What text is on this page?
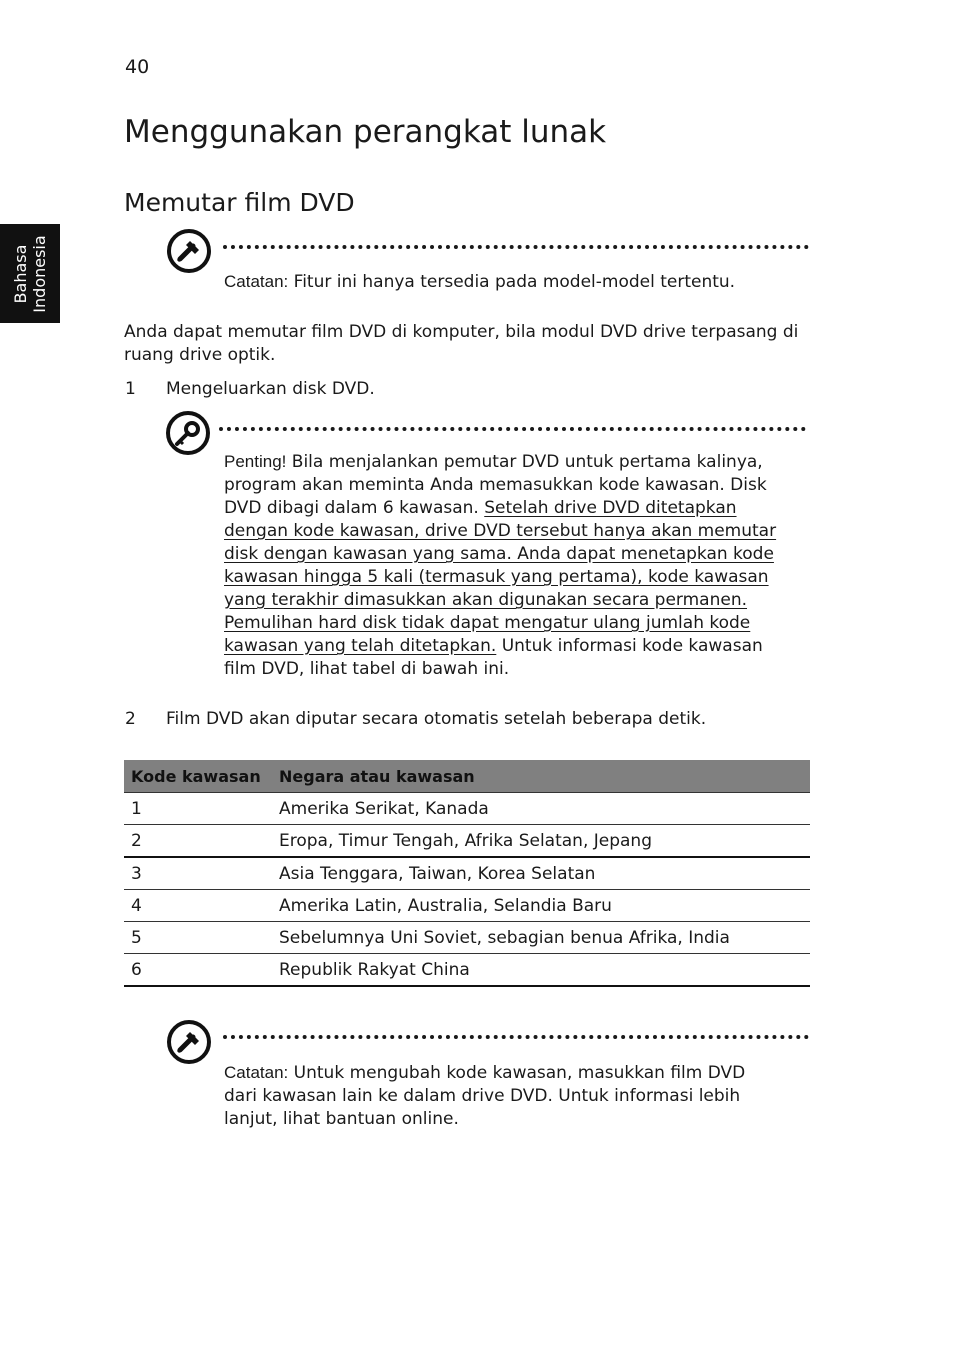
40
Menggunakan perangkat lunak
Memutar film DVD
Bahasa Indonesia	Catatan: Fitur ini hanya tersedia pada model-model tertentu.
Anda dapat memutar film DVD di komputer, bila modul DVD drive terpasang di
ruang drive optik.
1 Mengeluarkan disk DVD.
Penting! Bila menjalankan pemutar DVD untuk pertama kalinya,
program akan meminta Anda memasukkan kode kawasan. Disk
DVD dibagi dalam 6 kawasan. Setelah drive DVD ditetapkan
dengan kode kawasan, drive DVD tersebut hanya akan memutar
disk dengan kawasan yang sama. Anda dapat menetapkan kode
kawasan hingga 5 kali (termasuk yang pertama), kode kawasan
yang terakhir dimasukkan akan digunakan secara permanen.
Pemulihan hard disk tidak dapat mengatur ulang jumlah kode
kawasan yang telah ditetapkan. Untuk informasi kode kawasan
film DVD, lihat tabel di bawah ini.
2 Film DVD akan diputar secara otomatis setelah beberapa detik.
Kode kawasan	Negara atau kawasan
1	Amerika Serikat, Kanada
2	Eropa, Timur Tengah, Afrika Selatan, Jepang
3	Asia Tenggara, Taiwan, Korea Selatan
4	Amerika Latin, Australia, Selandia Baru
5	Sebelumnya Uni Soviet, sebagian benua Afrika, India
6	Republik Rakyat China
Catatan: Untuk mengubah kode kawasan, masukkan film DVD
dari kawasan lain ke dalam drive DVD. Untuk informasi lebih
lanjut, lihat bantuan online.
